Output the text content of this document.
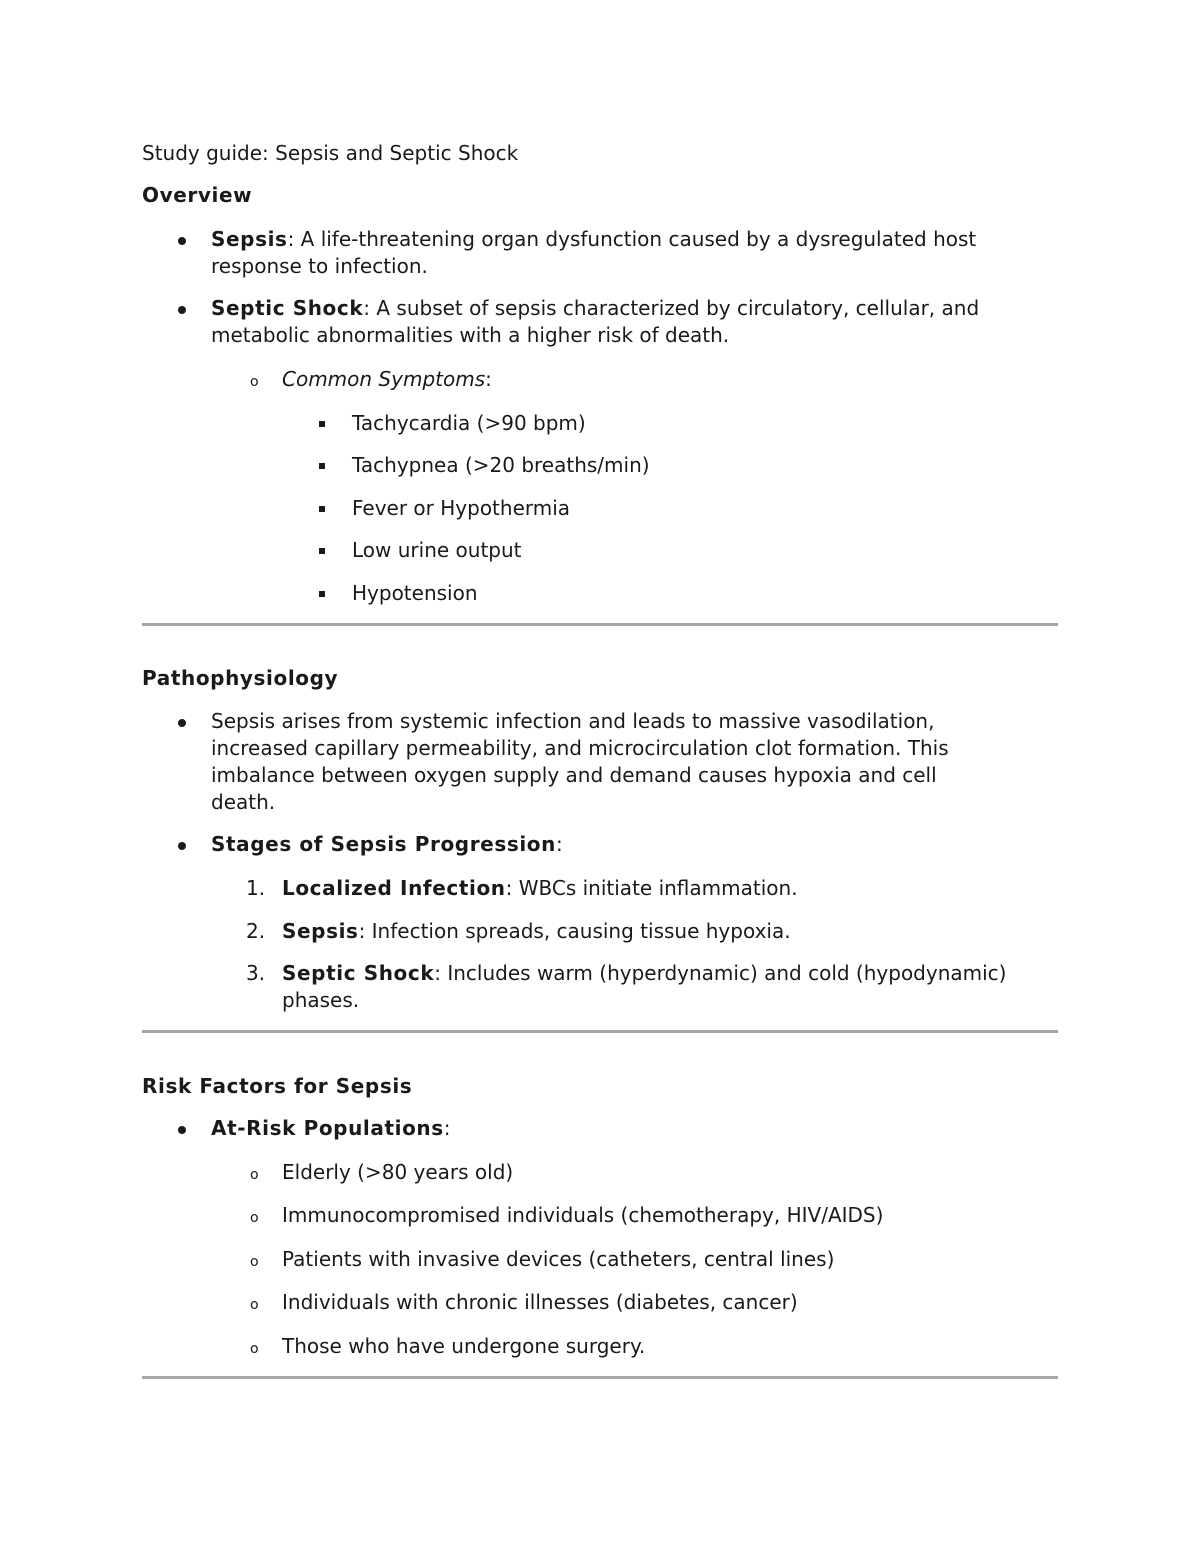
Study guide: Sepsis and Septic Shock
Overview
Sepsis: A life-threatening organ dysfunction caused by a dysregulated host
response to infection.
Septic Shock: A subset of sepsis characterized by circulatory, cellular, and
metabolic abnormalities with a higher risk of death.
o Common Symptoms:
Tachycardia (>90 bpm)
Tachypnea (>20 breaths/min)
Fever or Hypothermia
Low urine output
Hypotension
Pathophysiology
Sepsis arises from systemic infection and leads to massive vasodilation,
increased capillary permeability, and microcirculation clot formation. This
imbalance between oxygen supply and demand causes hypoxia and cell
death.
Stages of Sepsis Progression:
1. Localized Infection: WBCs initiate inflammation.
2. Sepsis: Infection spreads, causing tissue hypoxia.
3. Septic Shock: Includes warm (hyperdynamic) and cold (hypodynamic)
phases.
Risk Factors for Sepsis
At-Risk Populations:
o Elderly (>80 years old)
o Immunocompromised individuals (chemotherapy, HIV/AIDS)
o Patients with invasive devices (catheters, central lines)
o Individuals with chronic illnesses (diabetes, cancer)
o Those who have undergone surgery.
